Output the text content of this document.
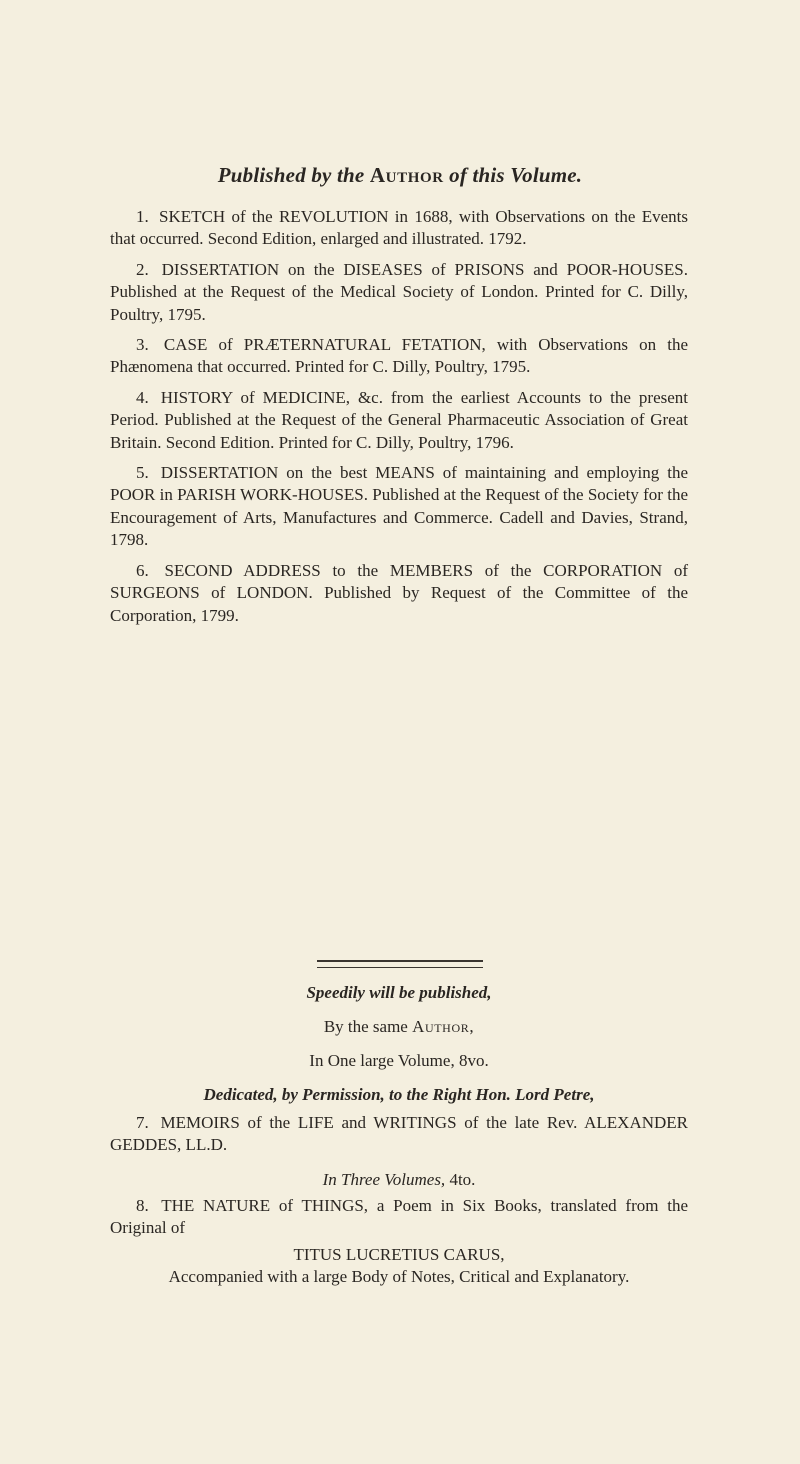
Published by the Author of this Volume.

1. SKETCH of the REVOLUTION in 1688, with Observations on the Events that occurred. Second Edition, enlarged and illustrated. 1792.

2. DISSERTATION on the DISEASES of PRISONS and POOR-HOUSES. Published at the Request of the Medical Society of London. Printed for C. Dilly, Poultry, 1795.

3. CASE of PRÆTERNATURAL FETATION, with Observations on the Phænomena that occurred. Printed for C. Dilly, Poultry, 1795.

4. HISTORY of MEDICINE, &c. from the earliest Accounts to the present Period. Published at the Request of the General Pharmaceutic Association of Great Britain. Second Edition. Printed for C. Dilly, Poultry, 1796.

5. DISSERTATION on the best MEANS of maintaining and employing the POOR in PARISH WORK-HOUSES. Published at the Request of the Society for the Encouragement of Arts, Manufactures and Commerce. Cadell and Davies, Strand, 1798.

6. SECOND ADDRESS to the MEMBERS of the CORPORATION of SURGEONS of LONDON. Published by Request of the Committee of the Corporation, 1799.

Speedily will be published,
By the same Author,
In One large Volume, 8vo.
Dedicated, by Permission, to the Right Hon. Lord Petre,

7. MEMOIRS of the LIFE and WRITINGS of the late Rev. ALEXANDER GEDDES, LL.D.

In Three Volumes, 4to.

8. THE NATURE of THINGS, a Poem in Six Books, translated from the Original of

TITUS LUCRETIUS CARUS,
Accompanied with a large Body of Notes, Critical and Explanatory.
